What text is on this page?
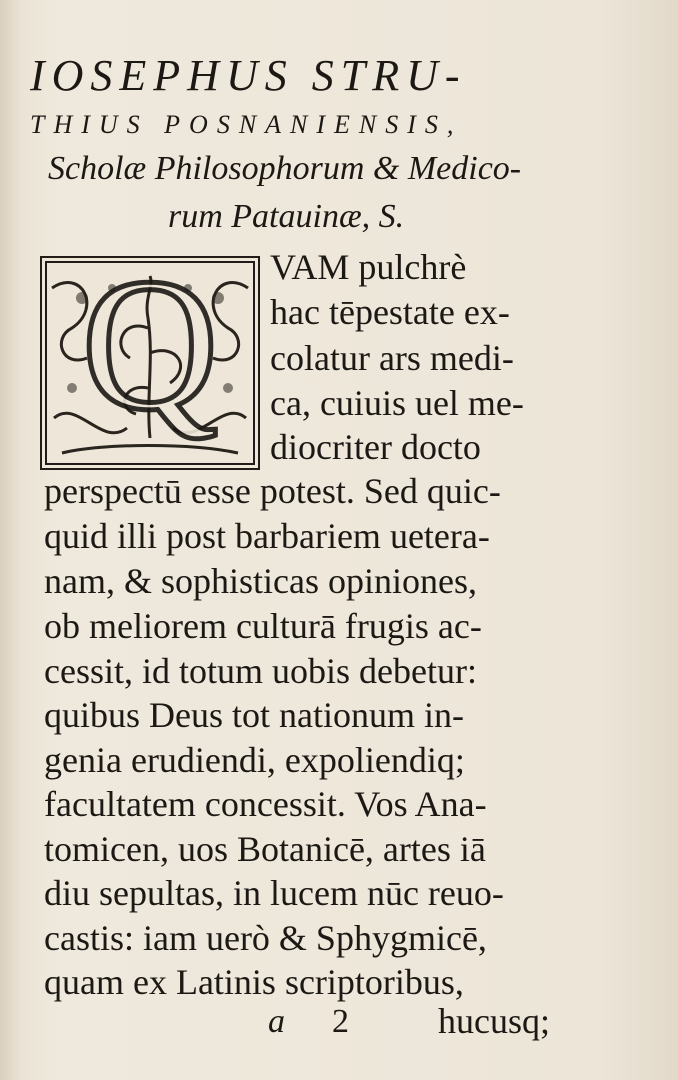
IOSEPHUS STRU-
THIUS POSNANIENSIS,
Scholæ Philosophorum & Medico-
rum Patauinæ, S.
Q VAM pulchrè
hac tēpestate ex-
colatur ars medi-
ca, cuiuis uel me-
diocriter docto
perspectū esse potest. Sed quic-
quid illi post barbariem uetera-
nam, & sophisticas opiniones,
ob meliorem culturā frugis ac-
cessit, id totum uobis debetur:
quibus Deus tot nationum in-
genia erudiendi, expoliendiq;
facultatem concessit. Vos Ana-
tomicen, uos Botanicē, artes iā
diu sepultas, in lucem nūc reuo-
castis: iam uerò & Sphygmicē,
quam ex Latinis scriptoribus,
a 2 hucusq;
